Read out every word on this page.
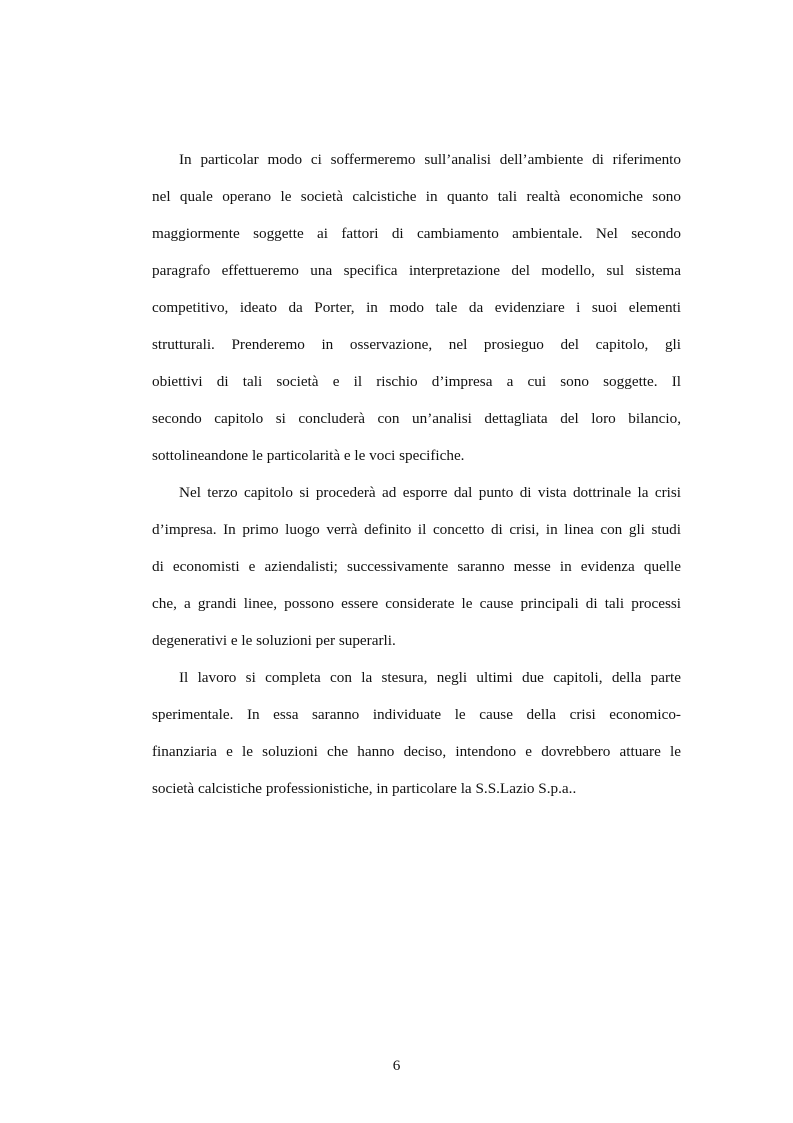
In particolar modo ci soffermeremo sull’analisi dell’ambiente di riferimento
nel quale operano le società calcistiche in quanto tali realtà economiche sono
maggiormente soggette ai fattori di cambiamento ambientale. Nel secondo
paragrafo effettueremo una specifica interpretazione del modello, sul sistema
competitivo, ideato da Porter, in modo tale da evidenziare i suoi elementi
strutturali. Prenderemo in osservazione, nel prosieguo del capitolo, gli
obiettivi di tali società e il rischio d’impresa a cui sono soggette. Il
secondo capitolo si concluderà con un’analisi dettagliata del loro bilancio,
sottolineandone le particolarità e le voci specifiche.
Nel terzo capitolo si procederà ad esporre dal punto di vista dottrinale la crisi
d’impresa. In primo luogo verrà definito il concetto di crisi, in linea con gli studi
di economisti e aziendalisti; successivamente saranno messe in evidenza quelle
che, a grandi linee, possono essere considerate le cause principali di tali processi
degenerativi e le soluzioni per superarli.
Il lavoro si completa con la stesura, negli ultimi due capitoli, della parte
sperimentale. In essa saranno individuate le cause della crisi economico-
finanziaria e le soluzioni che hanno deciso, intendono e dovrebbero attuare le
società calcistiche professionistiche, in particolare la S.S.Lazio S.p.a..
6
